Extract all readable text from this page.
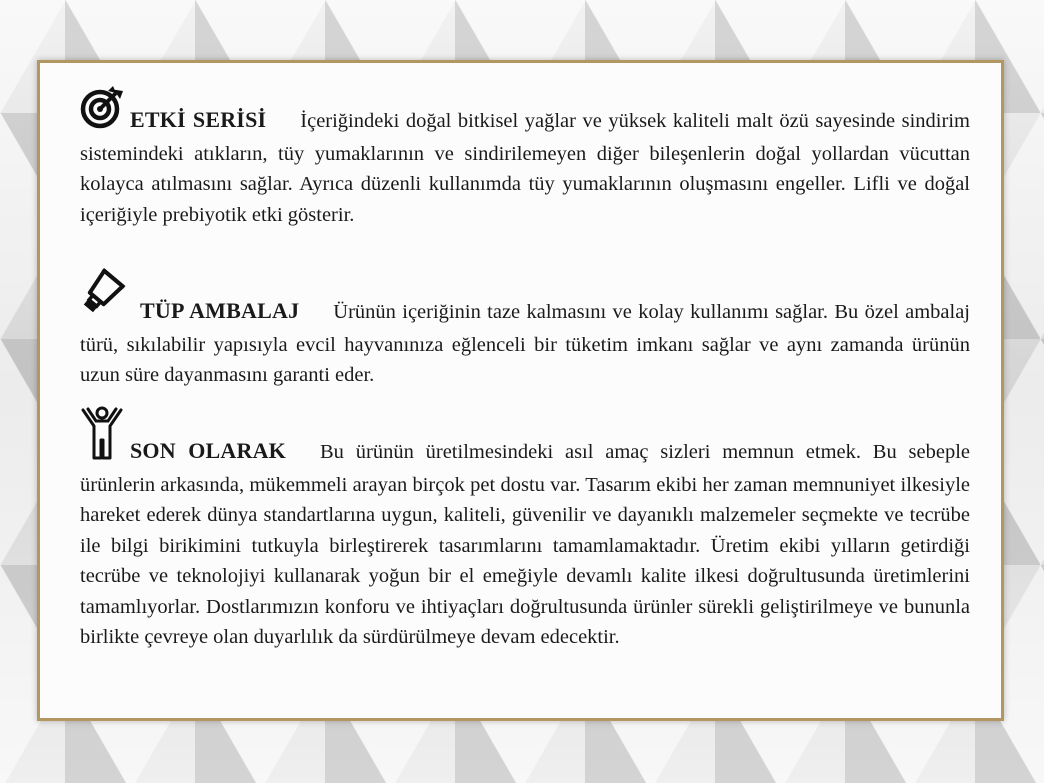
ETKİ SERİSİ İçeriğindeki doğal bitkisel yağlar ve yüksek kaliteli malt özü sayesinde sindirim sistemindeki atıkların, tüy yumaklarının ve sindirilemeyen diğer bileşenlerin doğal yollardan vücuttan kolayca atılmasını sağlar. Ayrıca düzenli kullanımda tüy yumaklarının oluşmasını engeller. Lifli ve doğal içeriğiyle prebiyotik etki gösterir.
TÜP AMBALAJ Ürünün içeriğinin taze kalmasını ve kolay kullanımı sağlar. Bu özel ambalaj türü, sıkılabilir yapısıyla evcil hayvanınıza eğlenceli bir tüketim imkanı sağlar ve aynı zamanda ürünün uzun süre dayanmasını garanti eder.
SON OLARAK Bu ürünün üretilmesindeki asıl amaç sizleri memnun etmek. Bu sebeple ürünlerin arkasında, mükemmeli arayan birçok pet dostu var. Tasarım ekibi her zaman memnuniyet ilkesiyle hareket ederek dünya standartlarına uygun, kaliteli, güvenilir ve dayanıklı malzemeler seçmekte ve tecrübe ile bilgi birikimini tutkuyla birleştirerek tasarımlarını tamamlamaktadır. Üretim ekibi yılların getirdiği tecrübe ve teknolojiyi kullanarak yoğun bir el emeğiyle devamlı kalite ilkesi doğrultusunda üretimlerini tamamlıyorlar. Dostlarımızın konforu ve ihtiyaçları doğrultusunda ürünler sürekli geliştirilmeye ve bununla birlikte çevreye olan duyarlılık da sürdürülmeye devam edecektir.
